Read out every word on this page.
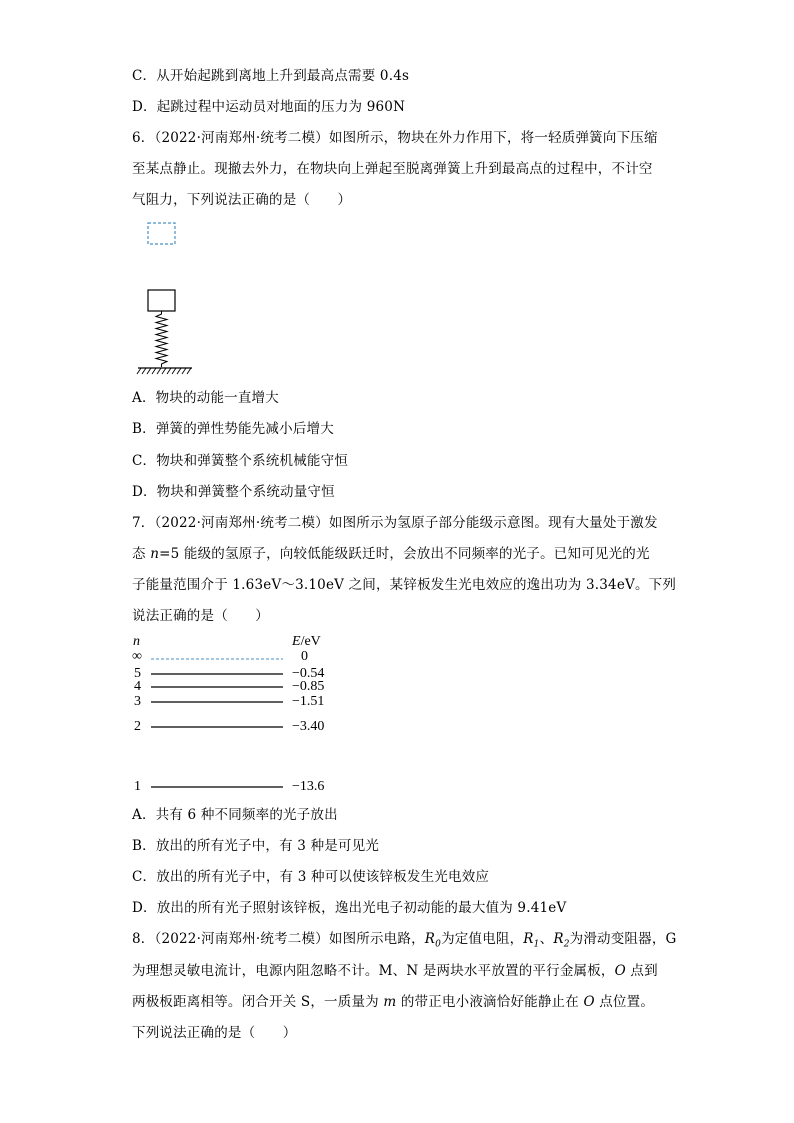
C．从开始起跳到离地上升到最高点需要 0.4s
D．起跳过程中运动员对地面的压力为 960N
6．（2022·河南郑州·统考二模）如图所示，物块在外力作用下，将一轻质弹簧向下压缩
至某点静止。现撤去外力，在物块向上弹起至脱离弹簧上升到最高点的过程中，不计空
气阻力，下列说法正确的是（　　）
A．物块的动能一直增大
B．弹簧的弹性势能先减小后增大
C．物块和弹簧整个系统机械能守恒
D．物块和弹簧整个系统动量守恒
7．（2022·河南郑州·统考二模）如图所示为氢原子部分能级示意图。现有大量处于激发
态 n=5 能级的氢原子，向较低能级跃迁时，会放出不同频率的光子。已知可见光的光
子能量范围介于 1.63eV～3.10eV 之间，某锌板发生光电效应的逸出功为 3.34eV。下列
说法正确的是（　　）
n	E/eV
∞
5
4
3
2
1
0
−0.54
−0.85
−1.51
−3.40
−13.6
A．共有 6 种不同频率的光子放出
B．放出的所有光子中，有 3 种是可见光
C．放出的所有光子中，有 3 种可以使该锌板发生光电效应
D．放出的所有光子照射该锌板，逸出光电子初动能的最大值为 9.41eV
8．（2022·河南郑州·统考二模）如图所示电路，$R_0$为定值电阻，$R_1$、$R_2$为滑动变阻器，G
为理想灵敏电流计，电源内阻忽略不计。M、N 是两块水平放置的平行金属板，O 点到
两极板距离相等。闭合开关 S，一质量为 m 的带正电小液滴恰好能静止在 O 点位置。
下列说法正确的是（　　）
